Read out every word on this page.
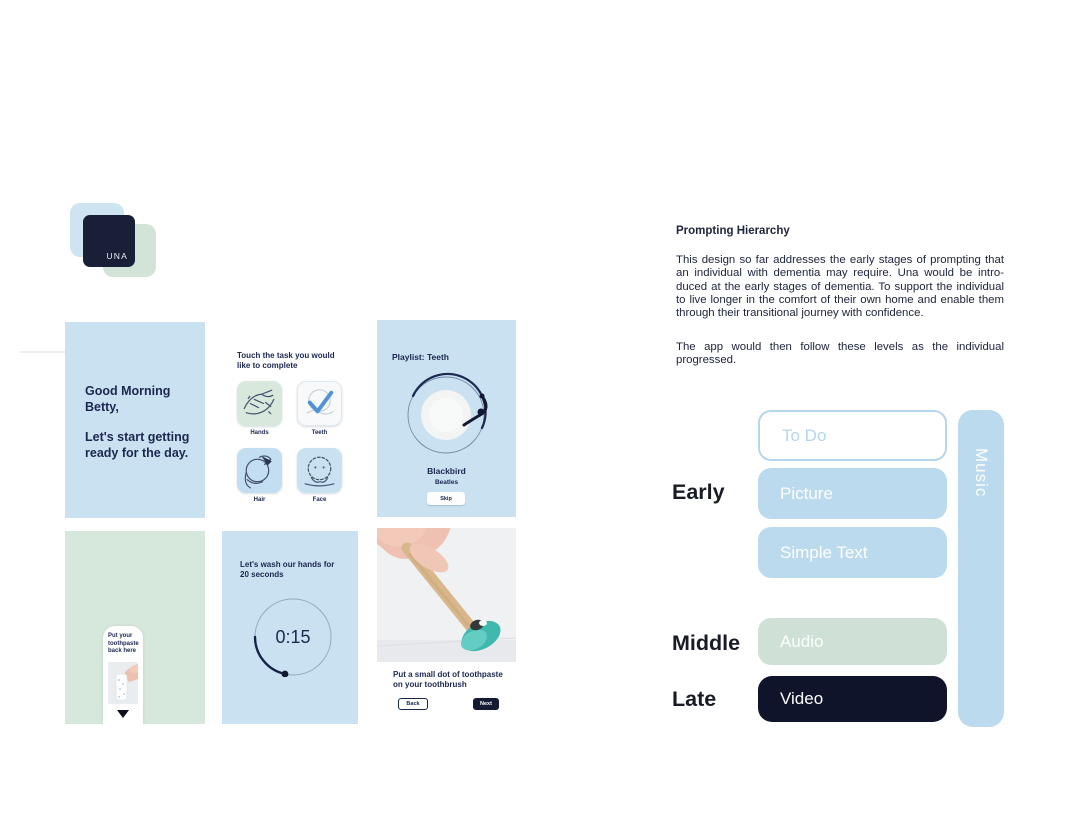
UNA
Good Morning Betty,
Let's start getting ready for the day.
Touch the task you would like to complete
Hands	Teeth
Hair	Face
Playlist: Teeth
Blackbird
Beatles
Skip
Put your toothpaste back here
Let's wash our hands for 20 seconds
0:15
Put a small dot of toothpaste on your toothbrush
Back	Next
Prompting Hierarchy
This design so far addresses the early stages of prompting that
an individual with dementia may require. Una would be intro-
duced at the early stages of dementia. To support the individual
to live longer in the comfort of their own home and enable them
through their transitional journey with confidence.
The app would then follow these levels as the individual
progressed.
Early
Middle
Late
To Do
Picture
Simple Text
Audio
Video
Music
